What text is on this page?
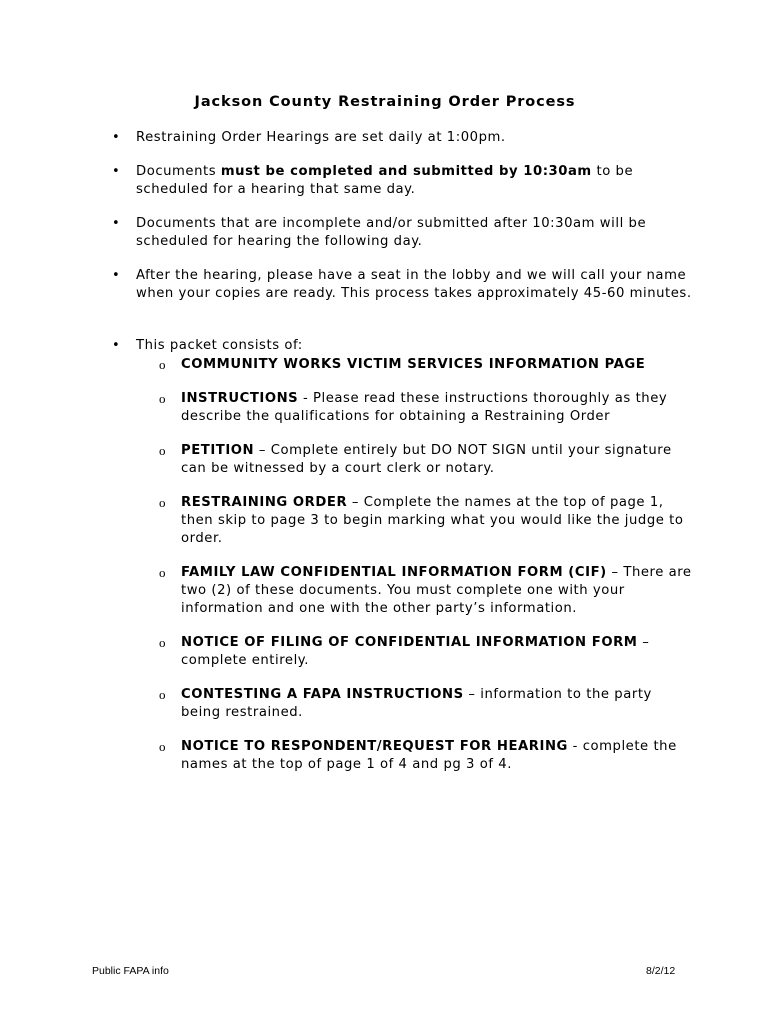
Jackson County Restraining Order Process
• Restraining Order Hearings are set daily at 1:00pm.
• Documents must be completed and submitted by 10:30am to be scheduled for a hearing that same day.
• Documents that are incomplete and/or submitted after 10:30am will be scheduled for hearing the following day.
• After the hearing, please have a seat in the lobby and we will call your name when your copies are ready. This process takes approximately 45-60 minutes.
• This packet consists of:
o COMMUNITY WORKS VICTIM SERVICES INFORMATION PAGE
o INSTRUCTIONS - Please read these instructions thoroughly as they describe the qualifications for obtaining a Restraining Order
o PETITION – Complete entirely but DO NOT SIGN until your signature can be witnessed by a court clerk or notary.
o RESTRAINING ORDER – Complete the names at the top of page 1, then skip to page 3 to begin marking what you would like the judge to order.
o FAMILY LAW CONFIDENTIAL INFORMATION FORM (CIF) – There are two (2) of these documents. You must complete one with your information and one with the other party’s information.
o NOTICE OF FILING OF CONFIDENTIAL INFORMATION FORM – complete entirely.
o CONTESTING A FAPA INSTRUCTIONS – information to the party being restrained.
o NOTICE TO RESPONDENT/REQUEST FOR HEARING - complete the names at the top of page 1 of 4 and pg 3 of 4.
Public FAPA info	8/2/12
